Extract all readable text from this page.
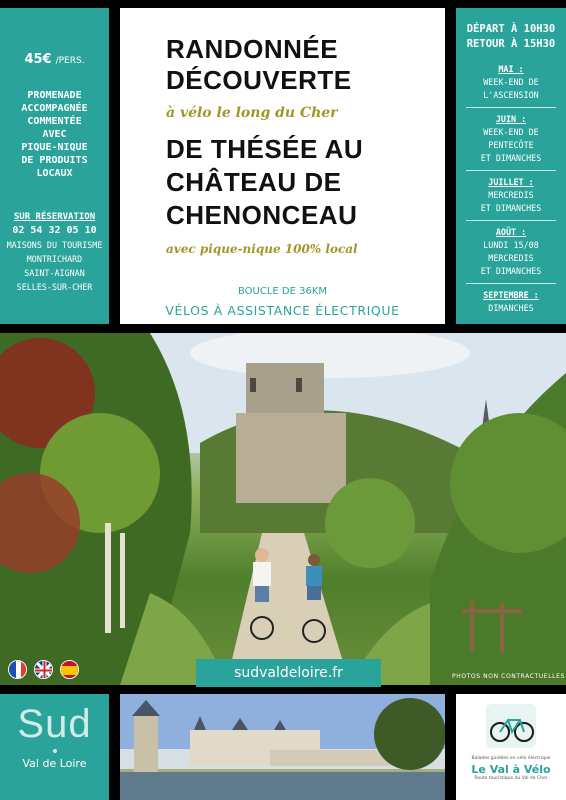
45€ /PERS.
PROMENADE
ACCOMPAGNÉE
COMMENTÉE
AVEC
PIQUE-NIQUE
DE PRODUITS
LOCAUX
SUR RÉSERVATION
02 54 32 05 10
MAISONS DU TOURISME
MONTRICHARD
SAINT-AIGNAN
SELLES-SUR-CHER
RANDONNÉE
DÉCOUVERTE
à vélo le long du Cher
DE THÉSÉE AU
CHÂTEAU DE
CHENONCEAU
avec pique-nique 100% local
BOUCLE DE 36KM
VÉLOS À ASSISTANCE ÉLECTRIQUE
DÉPART À 10H30
RETOUR À 15H30
MAI :
WEEK-END DE
L'ASCENSION
JUIN :
WEEK-END DE
PENTECÔTE
ET DIMANCHES
JUILLET :
MERCREDIS
ET DIMANCHES
AOÛT :
LUNDI 15/08
MERCREDIS
ET DIMANCHES
SEPTEMBRE :
DIMANCHES
sudvaldeloire.fr	PHOTOS NON CONTRACTUELLES
Sud
Val de Loire	Balades guidées en vélo électrique
Le Val à Vélo
Route touristique du Val de Cher
